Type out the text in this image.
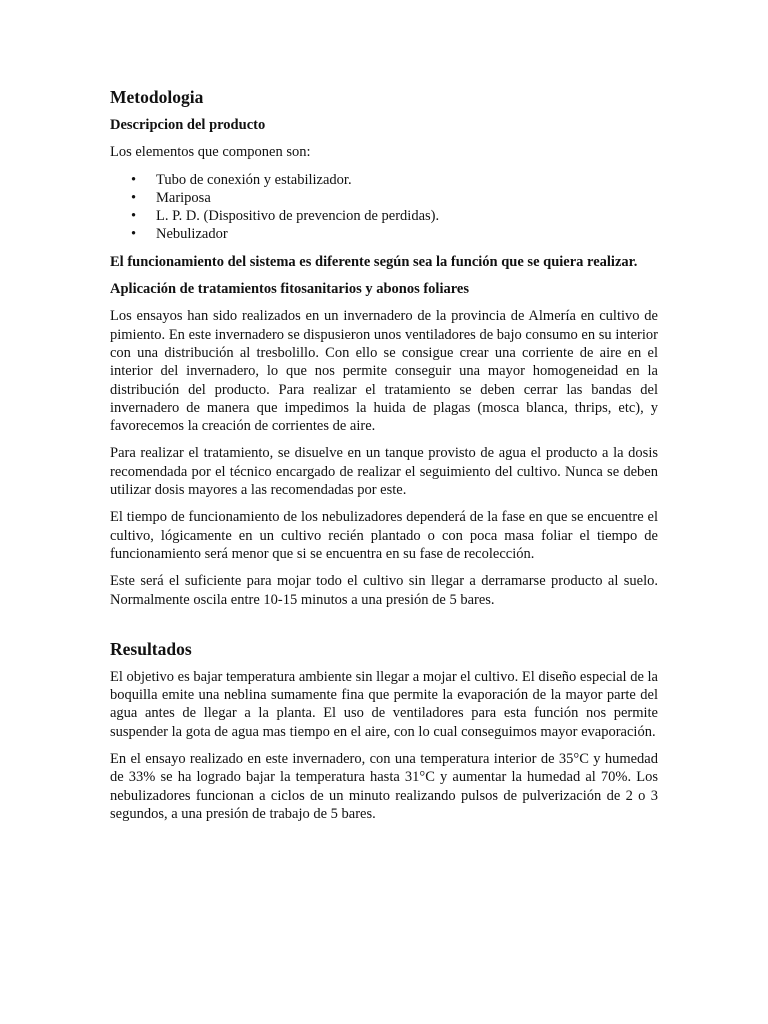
Metodologia
Descripcion del producto

Los elementos que componen son:

• Tubo de conexión y estabilizador.
• Mariposa
• L. P. D. (Dispositivo de prevencion de perdidas).
• Nebulizador

El funcionamiento del sistema es diferente según sea la función que se quiera realizar.

Aplicación de tratamientos fitosanitarios y abonos foliares

Los ensayos han sido realizados en un invernadero de la provincia de Almería en cultivo de pimiento. En este invernadero se dispusieron unos ventiladores de bajo consumo en su interior con una distribución al tresbolillo. Con ello se consigue crear una corriente de aire en el interior del invernadero, lo que nos permite conseguir una mayor homogeneidad en la distribución del producto. Para realizar el tratamiento se deben cerrar las bandas del invernadero de manera que impedimos la huida de plagas (mosca blanca, thrips, etc), y favorecemos la creación de corrientes de aire.

Para realizar el tratamiento, se disuelve en un tanque provisto de agua el producto a la dosis recomendada por el técnico encargado de realizar el seguimiento del cultivo. Nunca se deben utilizar dosis mayores a las recomendadas por este.

El tiempo de funcionamiento de los nebulizadores dependerá de la fase en que se encuentre el cultivo, lógicamente en un cultivo recién plantado o con poca masa foliar el tiempo de funcionamiento será menor que si se encuentra en su fase de recolección.

Este será el suficiente para mojar todo el cultivo sin llegar a derramarse producto al suelo. Normalmente oscila entre 10-15 minutos a una presión de 5 bares.

Resultados

El objetivo es bajar temperatura ambiente sin llegar a mojar el cultivo. El diseño especial de la boquilla emite una neblina sumamente fina que permite la evaporación de la mayor parte del agua antes de llegar a la planta. El uso de ventiladores para esta función nos permite suspender la gota de agua mas tiempo en el aire, con lo cual conseguimos mayor evaporación.

En el ensayo realizado en este invernadero, con una temperatura interior de 35°C y humedad de 33% se ha logrado bajar la temperatura hasta 31°C y aumentar la humedad al 70%. Los nebulizadores funcionan a ciclos de un minuto realizando pulsos de pulverización de 2 o 3 segundos, a una presión de trabajo de 5 bares.
